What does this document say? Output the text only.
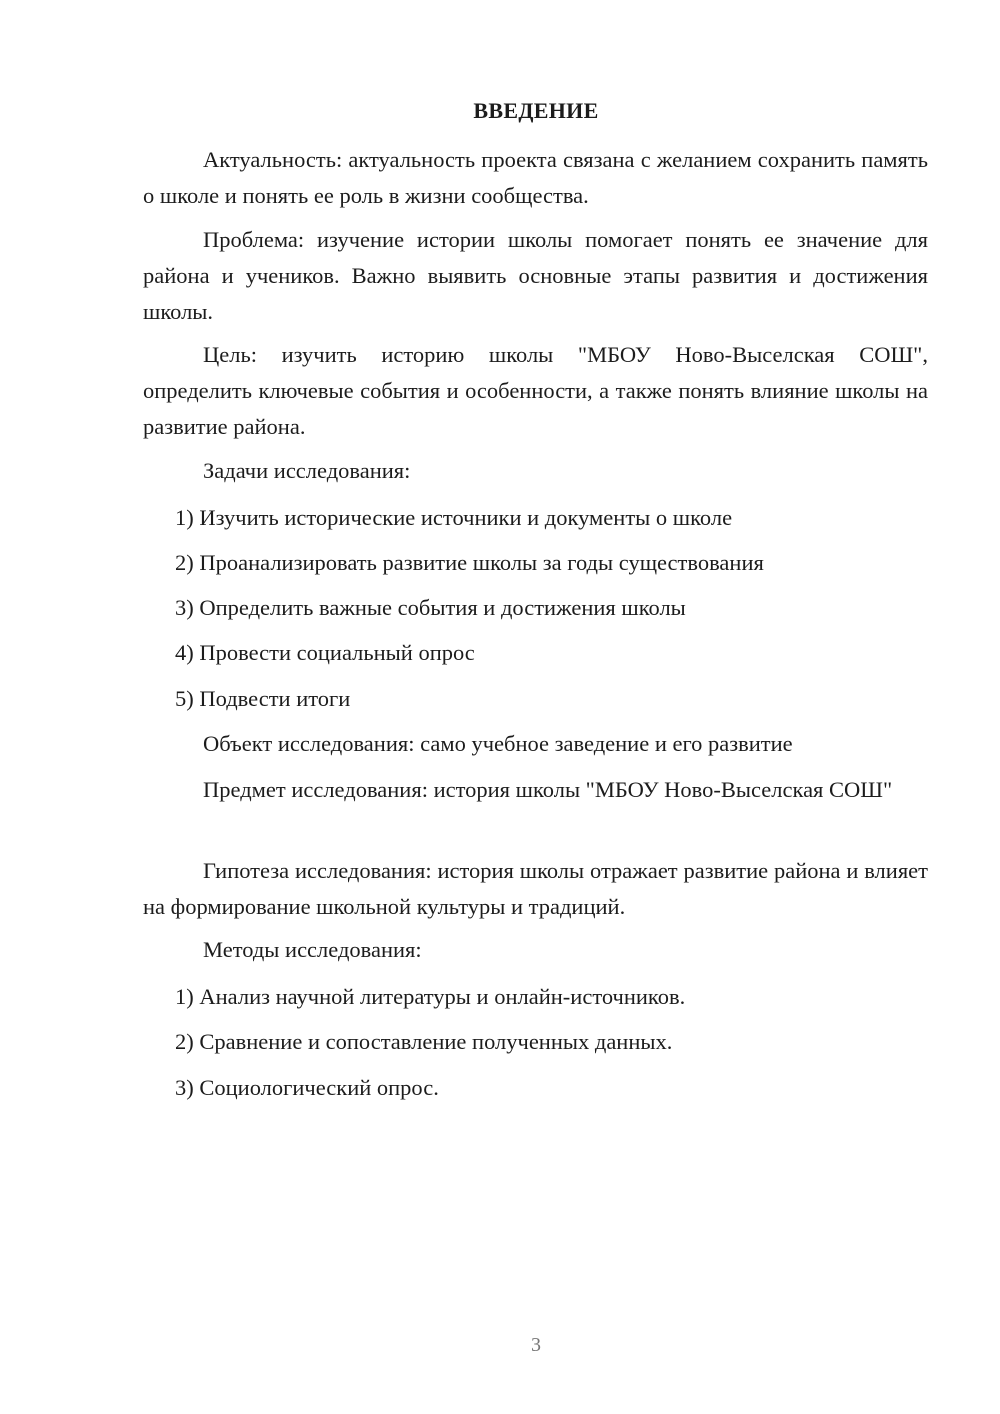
ВВЕДЕНИЕ
Актуальность: актуальность проекта связана с желанием сохранить память о школе и понять ее роль в жизни сообщества.
Проблема: изучение истории школы помогает понять ее значение для района и учеников. Важно выявить основные этапы развития и достижения школы.
Цель: изучить историю школы "МБОУ Ново-Выселская СОШ", определить ключевые события и особенности, а также понять влияние школы на развитие района.
Задачи исследования:
1) Изучить исторические источники и документы о школе
2) Проанализировать развитие школы за годы существования
3) Определить важные события и достижения школы
4) Провести социальный опрос
5) Подвести итоги
Объект исследования: само учебное заведение и его развитие
Предмет исследования: история школы "МБОУ Ново-Выселская СОШ"
Гипотеза исследования: история школы отражает развитие района и влияет на формирование школьной культуры и традиций.
Методы исследования:
1) Анализ научной литературы и онлайн-источников.
2) Сравнение и сопоставление полученных данных.
3) Социологический опрос.
3
